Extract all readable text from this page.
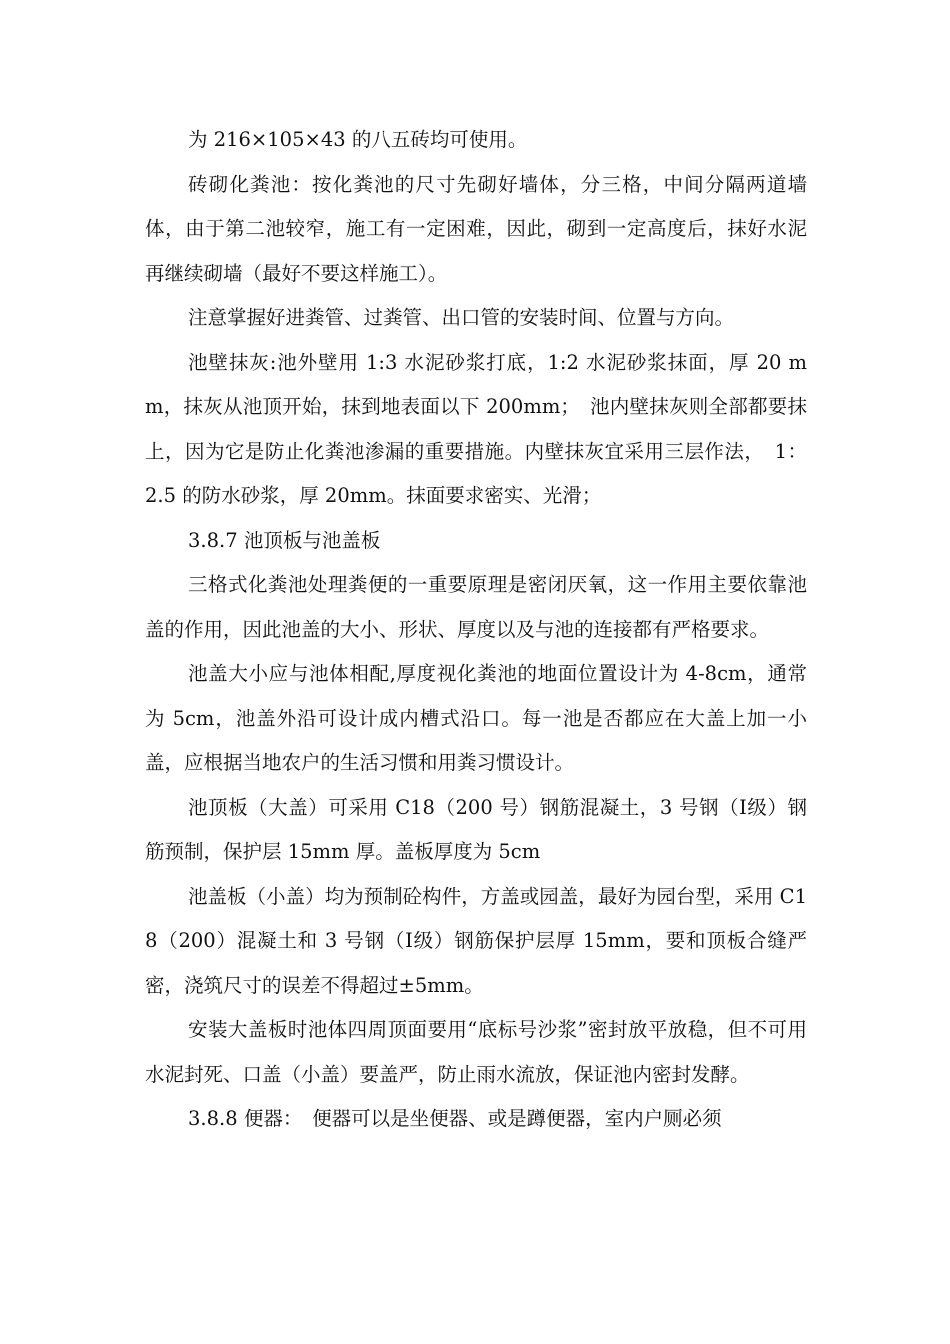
为 216×105×43 的八五砖均可使用。

砖砌化粪池：按化粪池的尺寸先砌好墙体，分三格，中间分隔两道墙体，由于第二池较窄，施工有一定困难，因此，砌到一定高度后，抹好水泥再继续砌墙（最好不要这样施工）。

注意掌握好进粪管、过粪管、出口管的安装时间、位置与方向。

池壁抹灰:池外壁用 1:3 水泥砂浆打底，1:2 水泥砂浆抹面，厚 20 mm，抹灰从池顶开始，抹到地表面以下 200mm；　池内壁抹灰则全部都要抹上，因为它是防止化粪池渗漏的重要措施。内壁抹灰宜采用三层作法，　1：2.5 的防水砂浆，厚 20mm。抹面要求密实、光滑；

3.8.7 池顶板与池盖板

三格式化粪池处理粪便的一重要原理是密闭厌氧，这一作用主要依靠池盖的作用，因此池盖的大小、形状、厚度以及与池的连接都有严格要求。

池盖大小应与池体相配,厚度视化粪池的地面位置设计为 4-8cm，通常为 5cm，池盖外沿可设计成内槽式沿口。每一池是否都应在大盖上加一小盖，应根据当地农户的生活习惯和用粪习惯设计。

池顶板（大盖）可采用 C18（200 号）钢筋混凝土，3 号钢（Ⅰ级）钢筋预制，保护层 15mm 厚。盖板厚度为 5cm

池盖板（小盖）均为预制砼构件，方盖或园盖，最好为园台型，采用 C18（200）混凝土和 3 号钢（Ⅰ级）钢筋保护层厚 15mm，要和顶板合缝严密，浇筑尺寸的误差不得超过±5mm。

安装大盖板时池体四周顶面要用“底标号沙浆”密封放平放稳，但不可用水泥封死、口盖（小盖）要盖严，防止雨水流放，保证池内密封发酵。

3.8.8 便器：　便器可以是坐便器、或是蹲便器，室内户厕必须
